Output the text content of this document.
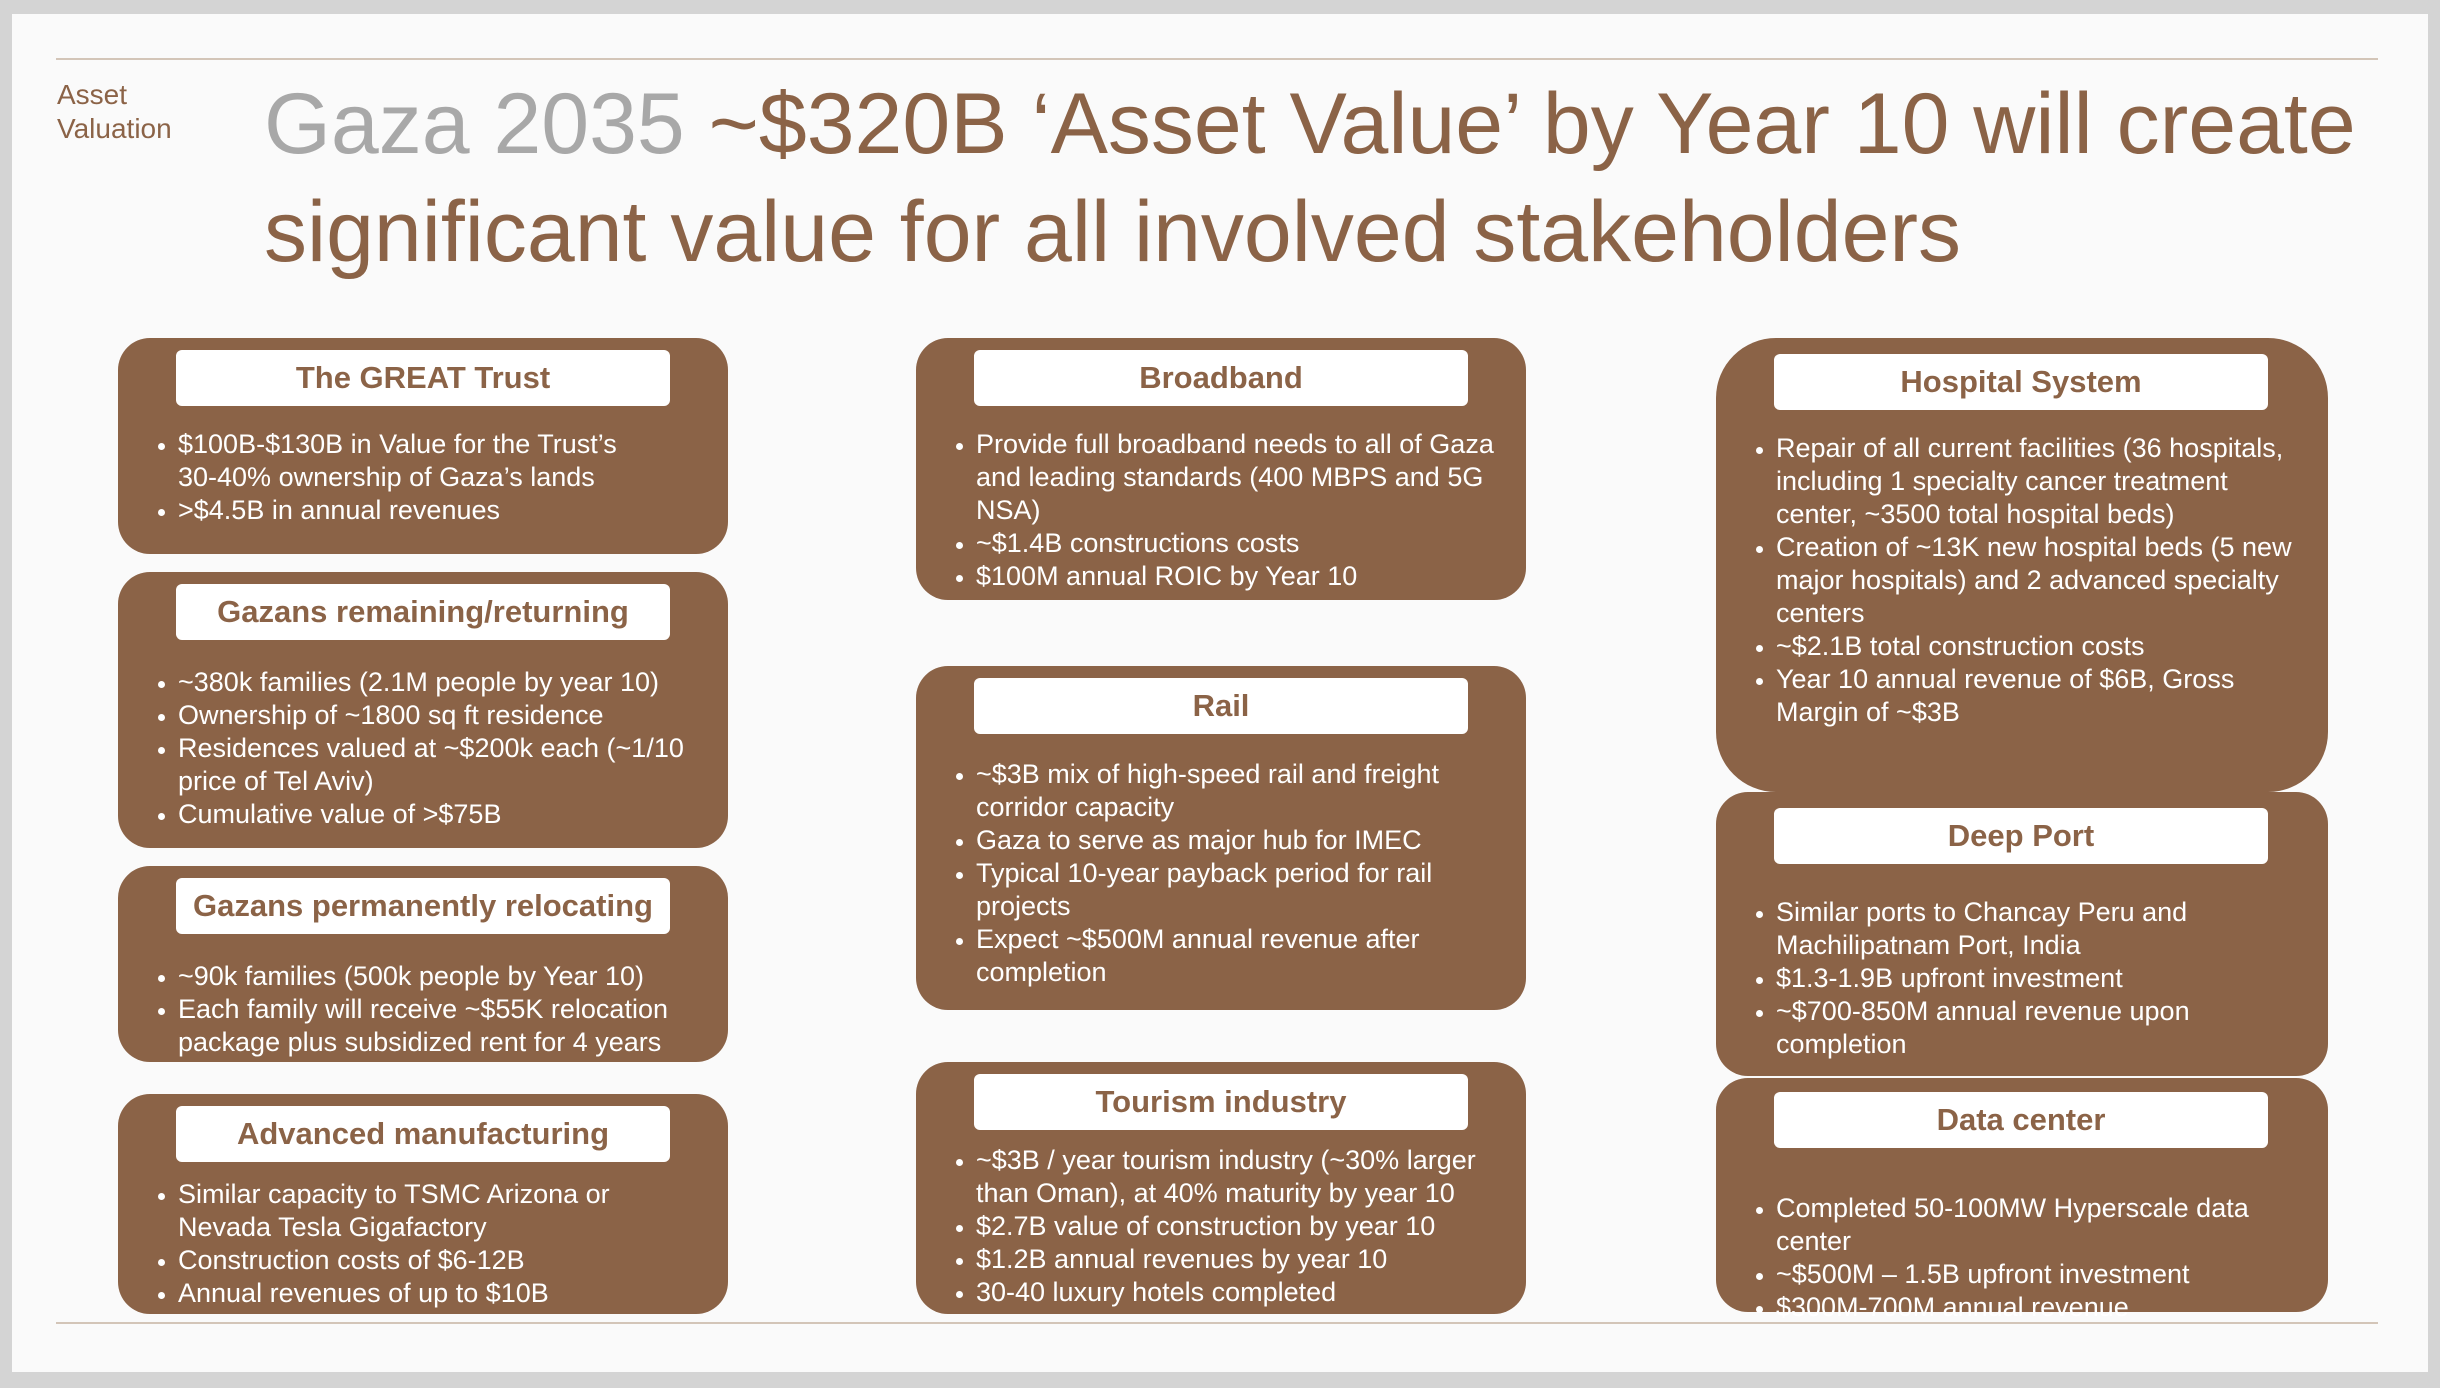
Asset
Valuation	Gaza 2035 ~$320B ‘Asset Value’ by Year 10 will create significant value for all involved stakeholders
The GREAT Trust
• $100B-$130B in Value for the Trust’s 30-40% ownership of Gaza’s lands
• >$4.5B in annual revenues
Gazans remaining/returning
• ~380k families (2.1M people by year 10)
• Ownership of ~1800 sq ft residence
• Residences valued at ~$200k each (~1/10 price of Tel Aviv)
• Cumulative value of >$75B
Gazans permanently relocating
• ~90k families (500k people by Year 10)
• Each family will receive ~$55K relocation package plus subsidized rent for 4 years
Advanced manufacturing
• Similar capacity to TSMC Arizona or Nevada Tesla Gigafactory
• Construction costs of $6-12B
• Annual revenues of up to $10B
Broadband
• Provide full broadband needs to all of Gaza and leading standards (400 MBPS and 5G NSA)
• ~$1.4B constructions costs
• $100M annual ROIC by Year 10
Rail
• ~$3B mix of high-speed rail and freight corridor capacity
• Gaza to serve as major hub for IMEC
• Typical 10-year payback period for rail projects
• Expect ~$500M annual revenue after completion
Tourism industry
• ~$3B / year tourism industry (~30% larger than Oman), at 40% maturity by year 10
• $2.7B value of construction by year 10
• $1.2B annual revenues by year 10
• 30-40 luxury hotels completed
Hospital System
• Repair of all current facilities (36 hospitals, including 1 specialty cancer treatment center, ~3500 total hospital beds)
• Creation of ~13K new hospital beds (5 new major hospitals) and 2 advanced specialty centers
• ~$2.1B total construction costs
• Year 10 annual revenue of $6B, Gross Margin of ~$3B
Deep Port
• Similar ports to Chancay Peru and Machilipatnam Port, India
• $1.3-1.9B upfront investment
• ~$700-850M annual revenue upon completion
Data center
• Completed 50-100MW Hyperscale data center
• ~$500M – 1.5B upfront investment
• $300M-700M annual revenue
